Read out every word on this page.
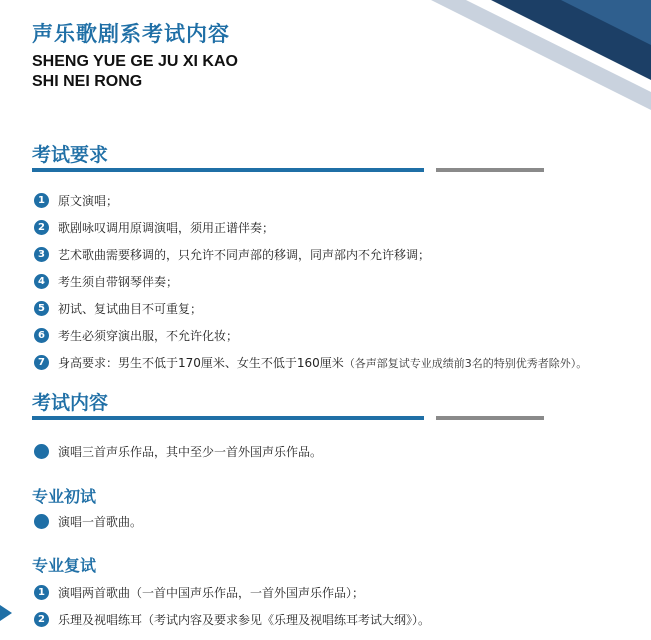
声乐歌剧系考试内容
SHENG YUE GE JU XI KAO
SHI NEI RONG
考试要求
1	原文演唱；
2	歌剧咏叹调用原调演唱，须用正谱伴奏；
3	艺术歌曲需要移调的，只允许不同声部的移调，同声部内不允许移调；
4	考生须自带钢琴伴奏；
5	初试、复试曲目不可重复；
6	考生必须穿演出服，不允许化妆；
7	身高要求：男生不低于170厘米、女生不低于160厘米 （各声部复试专业成绩前3名的特别优秀者除外）。
考试内容
演唱三首声乐作品，其中至少一首外国声乐作品。
专业初试
演唱一首歌曲。
专业复试
1	演唱两首歌曲（一首中国声乐作品，一首外国声乐作品）；
2	乐理及视唱练耳（考试内容及要求参见《乐理及视唱练耳考试大纲》）。
